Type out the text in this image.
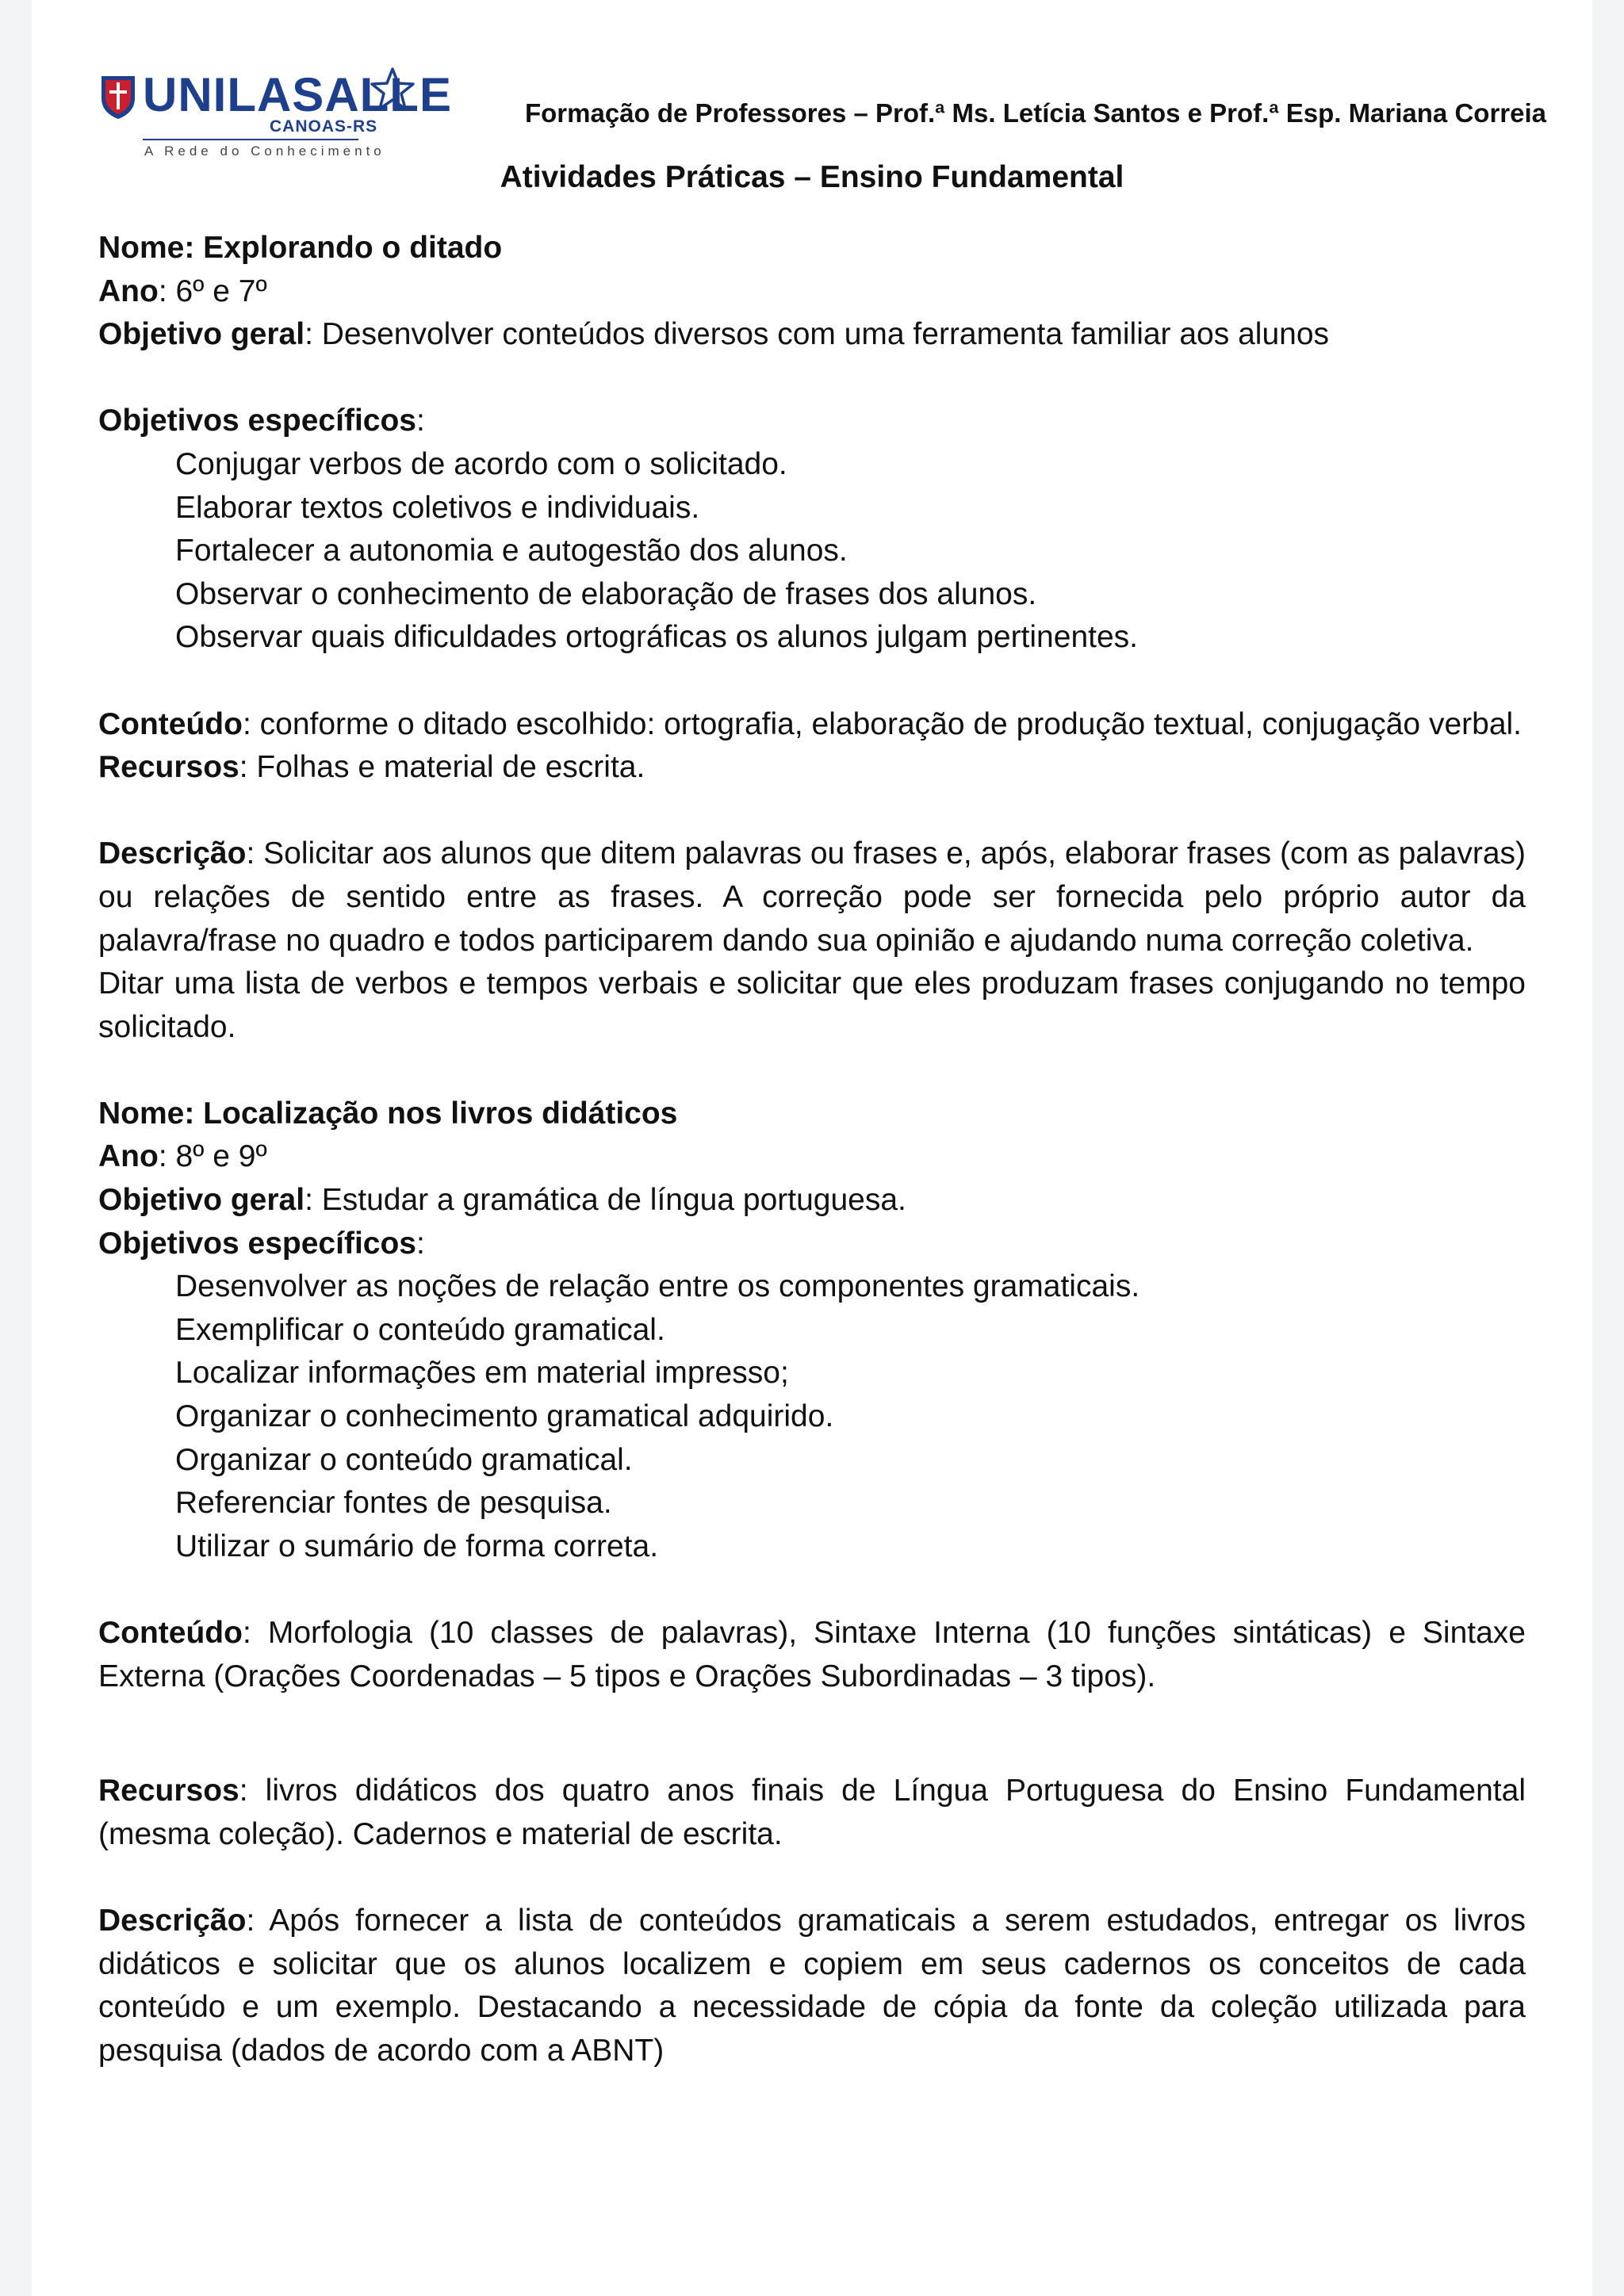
UNILASALLE
CANOAS-RS
A Rede do Conhecimento
Formação de Professores – Prof.ª Ms. Letícia Santos e Prof.ª Esp. Mariana Correia
Atividades Práticas – Ensino Fundamental

Nome: Explorando o ditado

Ano: 6º e 7º

Objetivo geral: Desenvolver conteúdos diversos com uma ferramenta familiar aos alunos

Objetivos específicos:

Conjugar verbos de acordo com o solicitado.
Elaborar textos coletivos e individuais.
Fortalecer a autonomia e autogestão dos alunos.
Observar o conhecimento de elaboração de frases dos alunos.
Observar quais dificuldades ortográficas os alunos julgam pertinentes.

Conteúdo: conforme o ditado escolhido: ortografia, elaboração de produção textual, conjugação verbal.

Recursos: Folhas e material de escrita.

Descrição: Solicitar aos alunos que ditem palavras ou frases e, após, elaborar frases (com as palavras) ou relações de sentido entre as frases. A correção pode ser fornecida pelo próprio autor da palavra/frase no quadro e todos participarem dando sua opinião e ajudando numa correção coletiva.

Ditar uma lista de verbos e tempos verbais e solicitar que eles produzam frases conjugando no tempo solicitado.

Nome: Localização nos livros didáticos

Ano: 8º e 9º

Objetivo geral: Estudar a gramática de língua portuguesa.

Objetivos específicos:

Desenvolver as noções de relação entre os componentes gramaticais.
Exemplificar o conteúdo gramatical.
Localizar informações em material impresso;
Organizar o conhecimento gramatical adquirido.
Organizar o conteúdo gramatical.
Referenciar fontes de pesquisa.
Utilizar o sumário de forma correta.

Conteúdo: Morfologia (10 classes de palavras), Sintaxe Interna (10 funções sintáticas) e Sintaxe Externa (Orações Coordenadas – 5 tipos e Orações Subordinadas – 3 tipos).

Recursos: livros didáticos dos quatro anos finais de Língua Portuguesa do Ensino Fundamental (mesma coleção). Cadernos e material de escrita.

Descrição: Após fornecer a lista de conteúdos gramaticais a serem estudados, entregar os livros didáticos e solicitar que os alunos localizem e copiem em seus cadernos os conceitos de cada conteúdo e um exemplo. Destacando a necessidade de cópia da fonte da coleção utilizada para pesquisa (dados de acordo com a ABNT)
